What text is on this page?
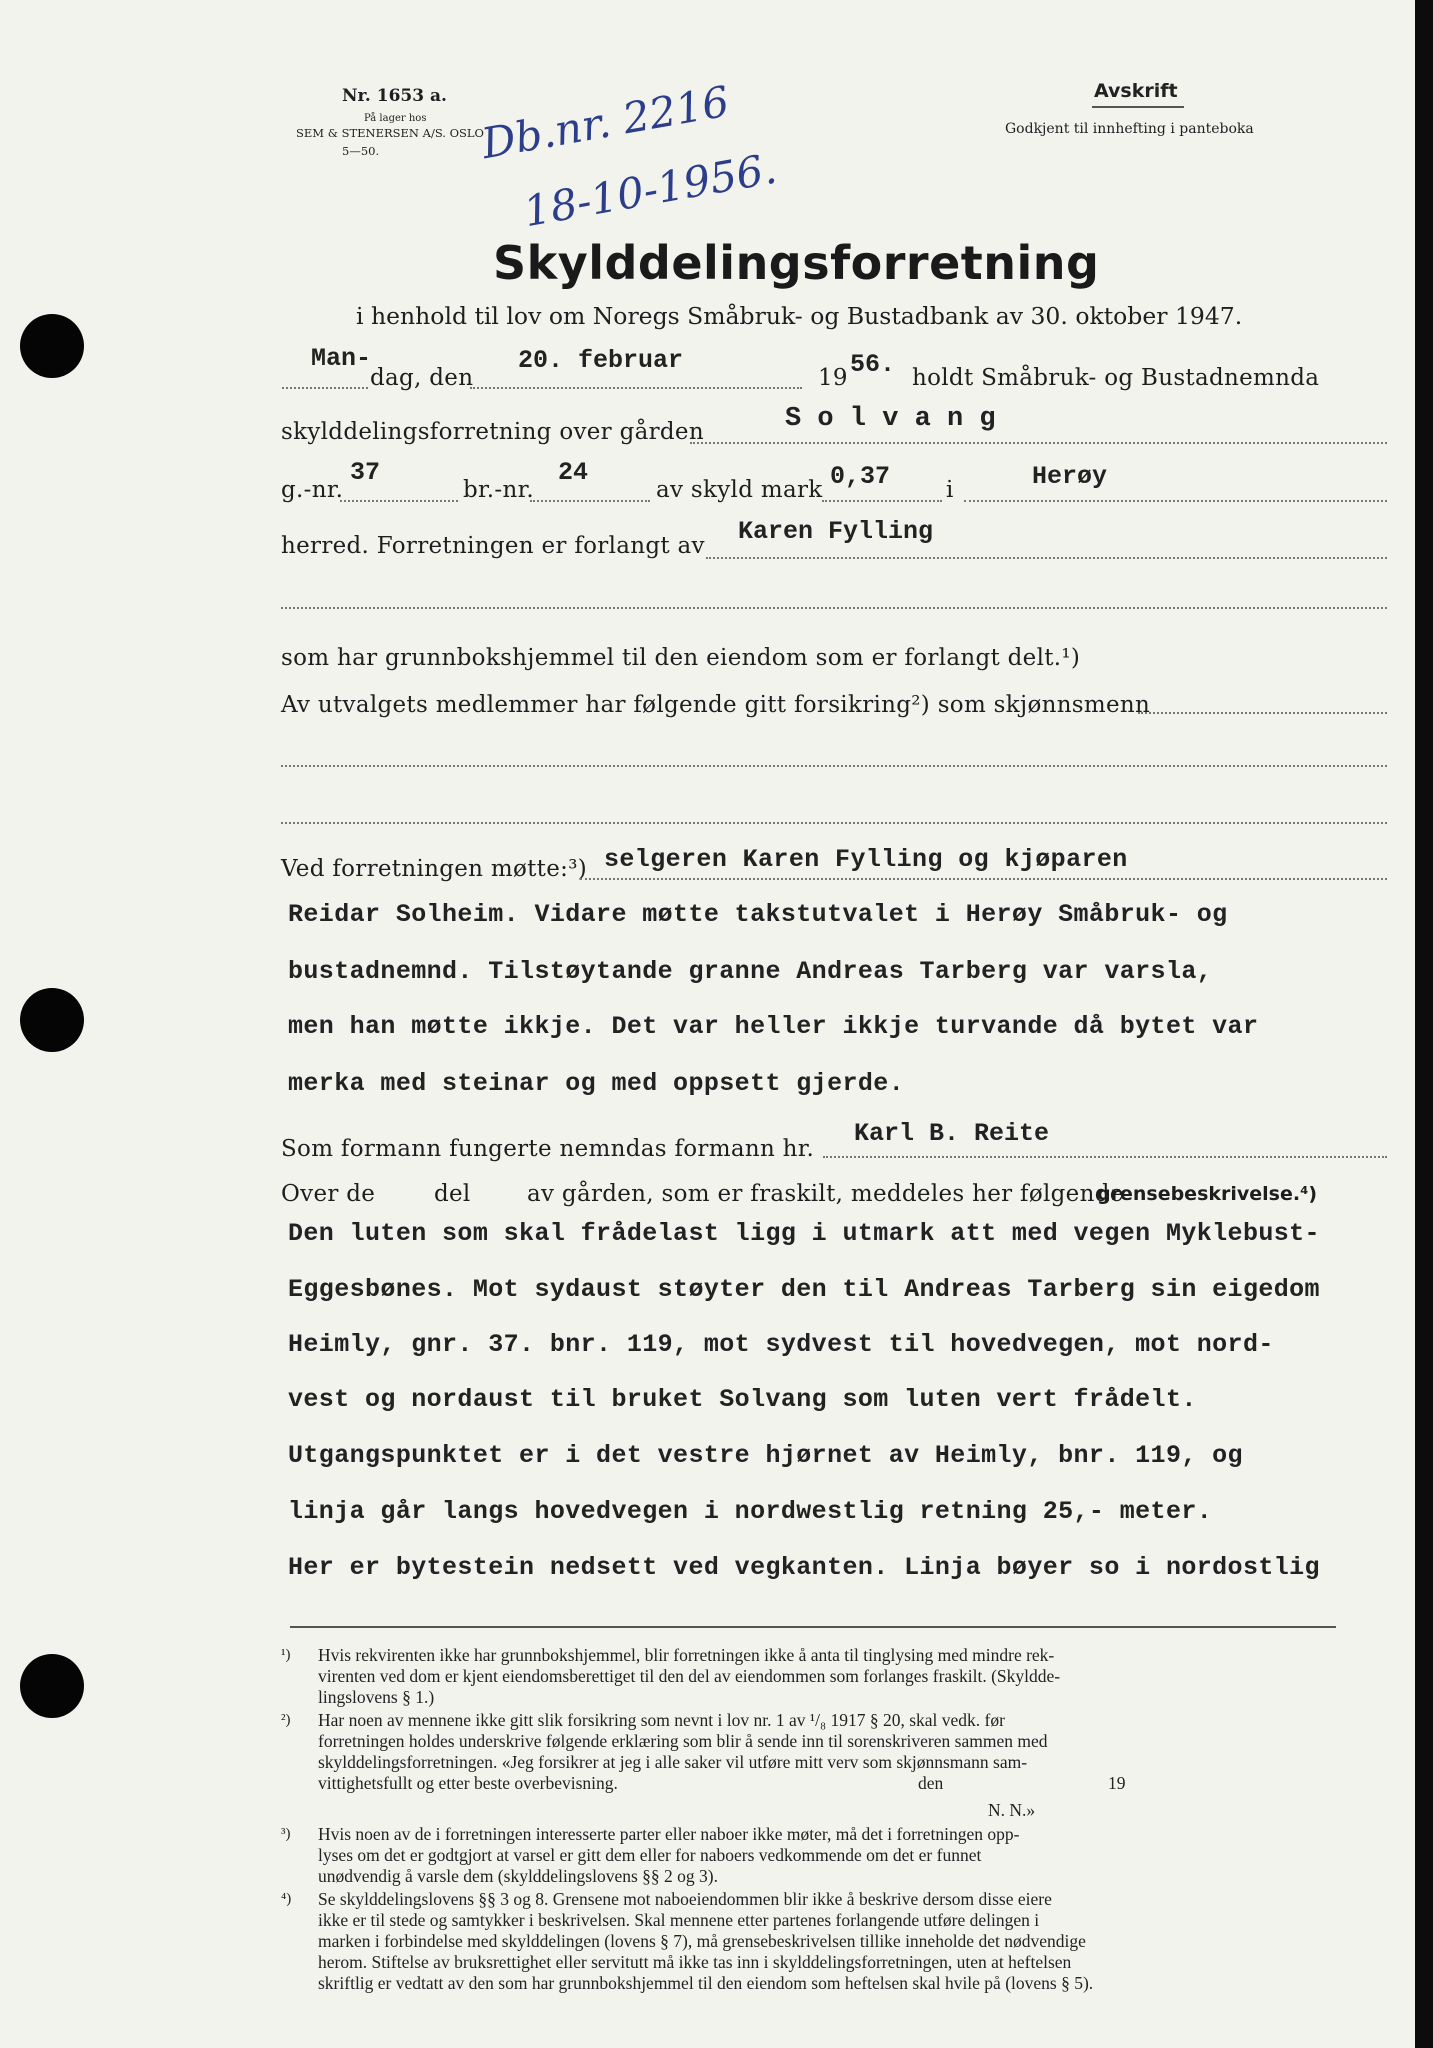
Nr. 1653 a.
På lager hos
SEM & STENERSEN A/S. OSLO
5—50. Db.nr. 2216
18-10-1956.
Avskrift
Godkjent til innhefting i panteboka
Skylddelingsforretning
i henhold til lov om Noregs Småbruk- og Bustadbank av 30. oktober 1947.
Man-
dag, den
20. februar
19 56. holdt Småbruk- og Bustadnemnda
skylddelingsforretning over gården	S o l v a n g
g.-nr.
37
br.-nr.
24
av skyld mark 0,37 i	Herøy
herred. Forretningen er forlangt av Karen Fylling
som har grunnbokshjemmel til den eiendom som er forlangt delt.¹)
Av utvalgets medlemmer har følgende gitt forsikring²) som skjønnsmenn
Ved forretningen møtte:³) selgeren Karen Fylling og kjøparen
Reidar Solheim. Vidare møtte takstutvalet i Herøy Småbruk- og
bustadnemnd. Tilstøytande granne Andreas Tarberg var varsla,
men han møtte ikkje. Det var heller ikkje turvande då bytet var
merka med steinar og med oppsett gjerde.
Som formann fungerte nemndas formann hr.
Karl B. Reite
Over de	del av gården, som er fraskilt, meddeles her følgende
grensebeskrivelse.⁴)
Den luten som skal frådelast ligg i utmark att med vegen Myklebust-
Eggesbønes. Mot sydaust støyter den til Andreas Tarberg sin eigedom
Heimly, gnr. 37. bnr. 119, mot sydvest til hovedvegen, mot nord-
vest og nordaust til bruket Solvang som luten vert frådelt.
Utgangspunktet er i det vestre hjørnet av Heimly, bnr. 119, og
linja går langs hovedvegen i nordwestlig retning 25,- meter.
Her er bytestein nedsett ved vegkanten. Linja bøyer so i nordostlig
¹) Hvis rekvirenten ikke har grunnbokshjemmel, blir forretningen ikke å anta til tinglysing med mindre rek-
virenten ved dom er kjent eiendomsberettiget til den del av eiendommen som forlanges fraskilt. (Skyldde-
lingslovens § 1.)
²) Har noen av mennene ikke gitt slik forsikring som nevnt i lov nr. 1 av ¹/₈ 1917 § 20, skal vedk. før
forretningen holdes underskrive følgende erklæring som blir å sende inn til sorenskriveren sammen med
skylddelingsforretningen. «Jeg forsikrer at jeg i alle saker vil utføre mitt verv som skjønnsmann sam-
vittighetsfullt og etter beste overbevisning.	den	19
N. N.»
³) Hvis noen av de i forretningen interesserte parter eller naboer ikke møter, må det i forretningen opp-
lyses om det er godtgjort at varsel er gitt dem eller for naboers vedkommende om det er funnet
unødvendig å varsle dem (skylddelingslovens §§ 2 og 3).
⁴) Se skylddelingslovens §§ 3 og 8. Grensene mot naboeiendommen blir ikke å beskrive dersom disse eiere
ikke er til stede og samtykker i beskrivelsen. Skal mennene etter partenes forlangende utføre delingen i
marken i forbindelse med skylddelingen (lovens § 7), må grensebeskrivelsen tillike inneholde det nødvendige
herom. Stiftelse av bruksrettighet eller servitutt må ikke tas inn i skylddelingsforretningen, uten at heftelsen
skriftlig er vedtatt av den som har grunnbokshjemmel til den eiendom som heftelsen skal hvile på (lovens § 5).
